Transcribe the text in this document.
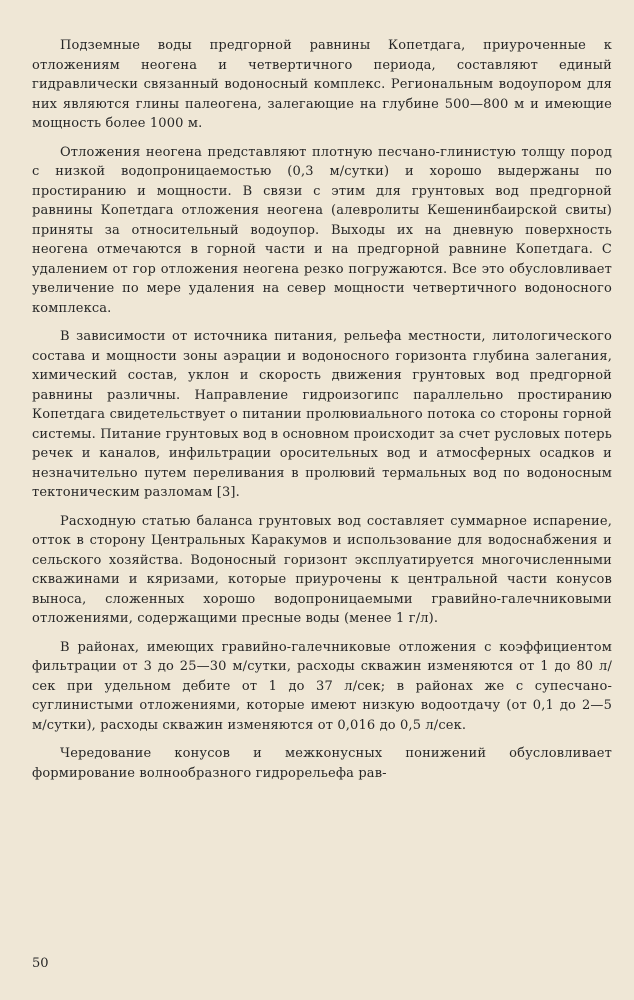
Подземные воды предгорной равнины Копетдага, приуроченные к отложениям неогена и четвертичного периода, составляют единый гидравлически связанный водоносный комплекс. Региональным водоупором для них являются глины палеогена, залегающие на глубине 500—800 м и имеющие мощность более 1000 м.

Отложения неогена представляют плотную песчано-глинистую толщу пород с низкой водопроницаемостью (0,3 м/сутки) и хорошо выдержаны по простиранию и мощности. В связи с этим для грунтовых вод предгорной равнины Копетдага отложения неогена (алевролиты Кешенинбаирской свиты) приняты за относительный водоупор. Выходы их на дневную поверхность неогена отмечаются в горной части и на предгорной равнине Копетдага. С удалением от гор отложения неогена резко погружаются. Все это обусловливает увеличение по мере удаления на север мощности четвертичного водоносного комплекса.

В зависимости от источника питания, рельефа местности, литологического состава и мощности зоны аэрации и водоносного горизонта глубина залегания, химический состав, уклон и скорость движения грунтовых вод предгорной равнины различны. Направление гидроизогипс параллельно простиранию Копетдага свидетельствует о питании пролювиального потока со стороны горной системы. Питание грунтовых вод в основном происходит за счет русловых потерь речек и каналов, инфильтрации оросительных вод и атмосферных осадков и незначительно путем переливания в пролювий термальных вод по водоносным тектоническим разломам [3].

Расходную статью баланса грунтовых вод составляет суммарное испарение, отток в сторону Центральных Каракумов и использование для водоснабжения и сельского хозяйства. Водоносный горизонт эксплуатируется многочисленными скважинами и кяризами, которые приурочены к центральной части конусов выноса, сложенных хорошо водопроницаемыми гравийно-галечниковыми отложениями, содержащими пресные воды (менее 1 г/л).

В районах, имеющих гравийно-галечниковые отложения с коэффициентом фильтрации от 3 до 25—30 м/сутки, расходы скважин изменяются от 1 до 80 л/сек при удельном дебите от 1 до 37 л/сек; в районах же с супесчано-суглинистыми отложениями, которые имеют низкую водоотдачу (от 0,1 до 2—5 м/сутки), расходы скважин изменяются от 0,016 до 0,5 л/сек.

Чередование конусов и межконусных понижений обусловливает формирование волнообразного гидрорельефа рав-

50
